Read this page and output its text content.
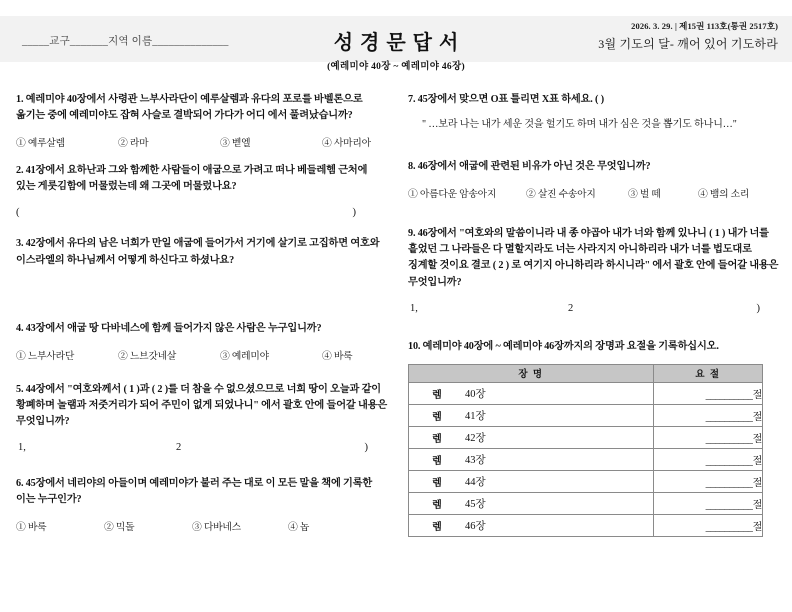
_____교구_______지역 이름______________	성경문답서
(예레미야 40장 ~ 예레미야 46장)
2026. 3. 29. | 제15권 113호(통권 2517호)
3월 기도의 달- 깨어 있어 기도하라
1. 예레미야 40장에서 사령관 느부사라단이 예루살렘과 유다의 포로를 바벨론으로 옮기는 중에 예레미야도 잡혀 사슬로 결박되어 가다가 어디 에서 풀려났습니까?
① 예루살렘	② 라마	③ 벧엘	④ 사마리아
2. 41장에서 요하난과 그와 함께한 사람들이 애굽으로 가려고 떠나 베들레헴 근처에 있는 게룻김함에 머물렀는데 왜 그곳에 머물렀나요?
(	)
3. 42장에서 유다의 남은 너희가 만일 애굽에 들어가서 거기에 살기로 고집하면 여호와 이스라엘의 하나님께서 어떻게 하신다고 하셨나요?
4. 43장에서 애굽 땅 다바네스에 함께 들어가지 않은 사람은 누구입니까?
① 느부사라단	② 느브갓네살	③ 예레미야	④ 바룩
5. 44장에서 "여호와께서 ( 1 )과 ( 2 )를 더 참을 수 없으셨으므로 너희 땅이 오늘과 같이 황폐하며 놀램과 저줏거리가 되어 주민이 없게 되었나니" 에서 괄호 안에 들어갈 내용은 무엇입니까?
1,	2	)
6. 45장에서 네리야의 아들이며 예레미야가 불러 주는 대로 이 모든 말을 책에 기록한 이는 누구인가?
① 바룩	② 믹돌	③ 다바네스	④ 놉
7. 45장에서 맞으면 O표 틀리면 X표 하세요. ( )
" …보라 나는 내가 세운 것을 헐기도 하며 내가 심은 것을 뽑기도 하나니…"
8. 46장에서 애굽에 관련된 비유가 아닌 것은 무엇입니까?
① 아름다운 암송아지	② 살진 수송아지	③ 벌 떼	④ 뱀의 소리
9. 46장에서 "여호와의 말씀이니라 내 종 야곱아 내가 너와 함께 있나니 ( 1 ) 내가 너를 흩었던 그 나라들은 다 멸할지라도 너는 사라지지 아니하리라 내가 너를 법도대로 징계할 것이요 결코 ( 2 ) 로 여기지 아니하리라 하시니라" 에서 괄호 안에 들어갈 내용은 무엇입니까?
1,	2	)
10. 예레미야 40장에 ~ 예레미야 46장까지의 장명과 요절을 기록하십시오.
장 명	요 절

렘 40장	__________절

렘 41장	__________절

렘 42장	__________절

렘 43장	__________절

렘 44장	__________절

렘 45장	__________절

렘 46장	__________절
